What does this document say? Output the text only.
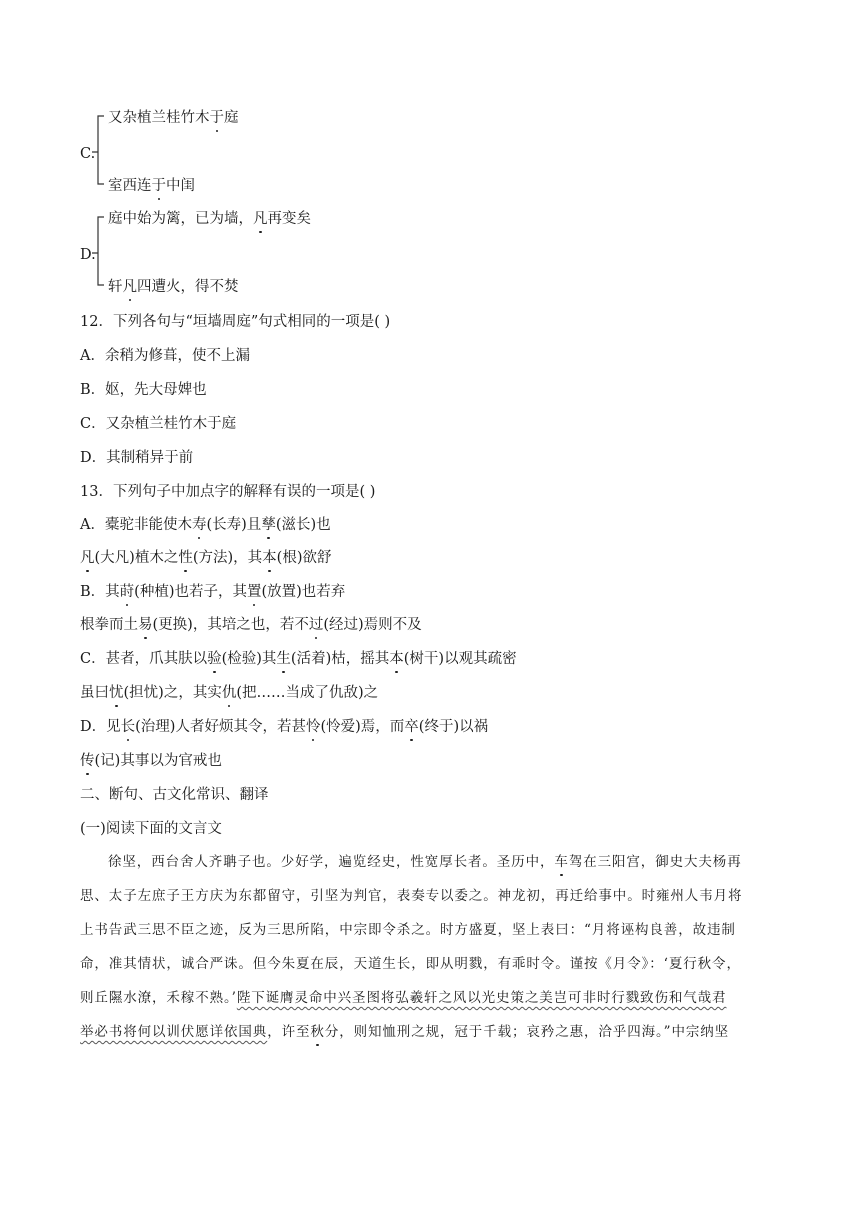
C.
又杂植兰桂竹木于庭
室西连于中闺
D.
庭中始为篱，已为墙，凡再变矣
轩凡四遭火，得不焚
12．下列各句与“垣墙周庭”句式相同的一项是( )
A．余稍为修葺，使不上漏
B．妪，先大母婢也
C．又杂植兰桂竹木于庭
D．其制稍异于前
13．下列句子中加点字的解释有误的一项是( )
A．橐驼非能使木寿(长寿)且孳(滋长)也
凡(大凡)植木之性(方法)，其本(根)欲舒
B．其莳(种植)也若子，其置(放置)也若弃
根拳而土易(更换)，其培之也，若不过(经过)焉则不及
C．甚者，爪其肤以验(检验)其生(活着)枯，摇其本(树干)以观其疏密
虽曰忧(担忧)之，其实仇(把……当成了仇敌)之
D．见长(治理)人者好烦其令，若甚怜(怜爱)焉，而卒(终于)以祸
传(记)其事以为官戒也
二、断句、古文化常识、翻译
(一)阅读下面的文言文
徐坚，西台舍人齐聃子也。少好学，遍览经史，性宽厚长者。圣历中，车驾在三阳宫，御史大夫杨再
思、太子左庶子王方庆为东都留守，引坚为判官，表奏专以委之。神龙初，再迁给事中。时雍州人韦月将
上书告武三思不臣之迹，反为三思所陷，中宗即令杀之。时方盛夏，坚上表曰：“月将诬构良善，故违制
命，准其情状，诚合严诛。但今朱夏在辰，天道生长，即从明戮，有乖时令。谨按《月令》：‘夏行秋令，
则丘隰水潦，禾稼不熟。’陛下诞膺灵命中兴圣图将弘羲轩之风以光史策之美岂可非时行戮致伤和气哉君
举必书将何以训伏愿详依国典，许至秋分，则知恤刑之规，冠于千载；哀矜之惠，洽乎四海。”中宗纳坚
